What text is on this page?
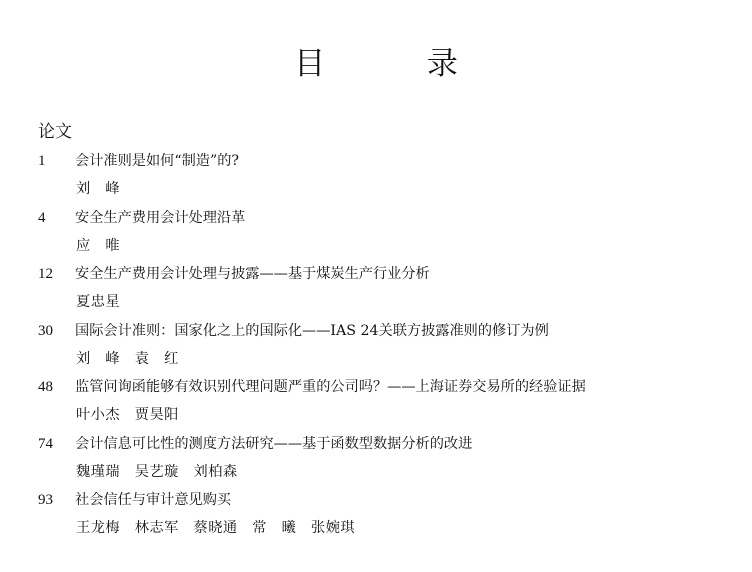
目 录
论文
1 会计准则是如何“制造”的?
刘　峰
4 安全生产费用会计处理沿革
应　唯
12 安全生产费用会计处理与披露——基于煤炭生产行业分析
夏忠星
30 国际会计准则：国家化之上的国际化——IAS 24关联方披露准则的修订为例
刘　峰　袁　红
48 监管问询函能够有效识别代理问题严重的公司吗？——上海证券交易所的经验证据
叶小杰　贾昊阳
74 会计信息可比性的测度方法研究——基于函数型数据分析的改进
魏瑾瑞　吴艺璇　刘柏森
93 社会信任与审计意见购买
王龙梅　林志军　蔡晓通　常　曦　张婉琪
